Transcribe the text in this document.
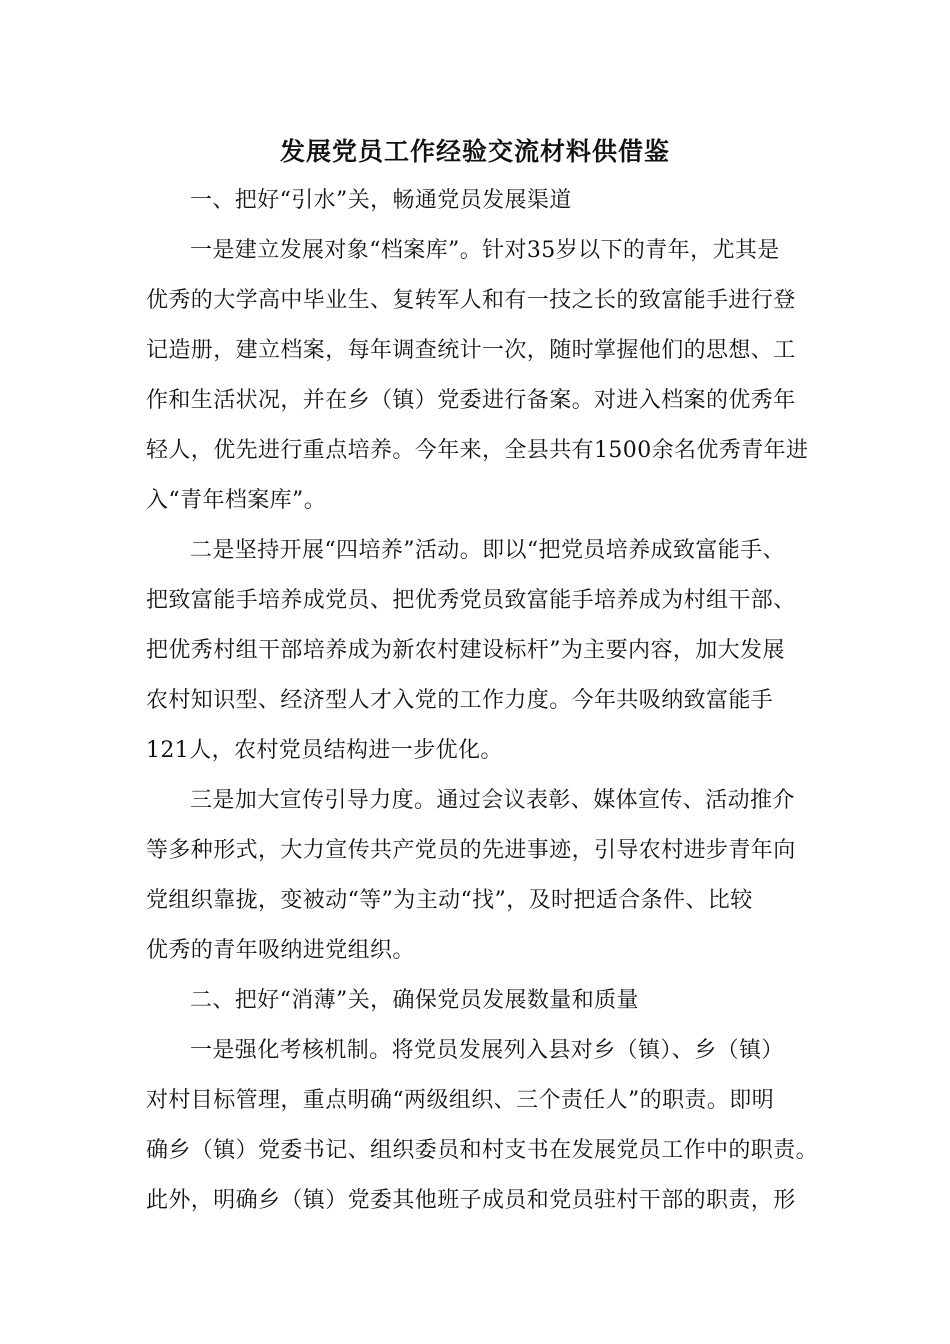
发展党员工作经验交流材料供借鉴

一、把好“引水”关，畅通党员发展渠道

一是建立发展对象“档案库”。针对35岁以下的青年，尤其是

优秀的大学高中毕业生、复转军人和有一技之长的致富能手进行登

记造册，建立档案，每年调查统计一次，随时掌握他们的思想、工

作和生活状况，并在乡（镇）党委进行备案。对进入档案的优秀年

轻人，优先进行重点培养。今年来，全县共有1500余名优秀青年进

入“青年档案库”。

二是坚持开展“四培养”活动。即以“把党员培养成致富能手、

把致富能手培养成党员、把优秀党员致富能手培养成为村组干部、

把优秀村组干部培养成为新农村建设标杆”为主要内容，加大发展

农村知识型、经济型人才入党的工作力度。今年共吸纳致富能手

121人，农村党员结构进一步优化。

三是加大宣传引导力度。通过会议表彰、媒体宣传、活动推介

等多种形式，大力宣传共产党员的先进事迹，引导农村进步青年向

党组织靠拢，变被动“等”为主动“找”，及时把适合条件、比较

优秀的青年吸纳进党组织。

二、把好“消薄”关，确保党员发展数量和质量

一是强化考核机制。将党员发展列入县对乡（镇）、乡（镇）

对村目标管理，重点明确“两级组织、三个责任人”的职责。即明

确乡（镇）党委书记、组织委员和村支书在发展党员工作中的职责。

此外，明确乡（镇）党委其他班子成员和党员驻村干部的职责，形
